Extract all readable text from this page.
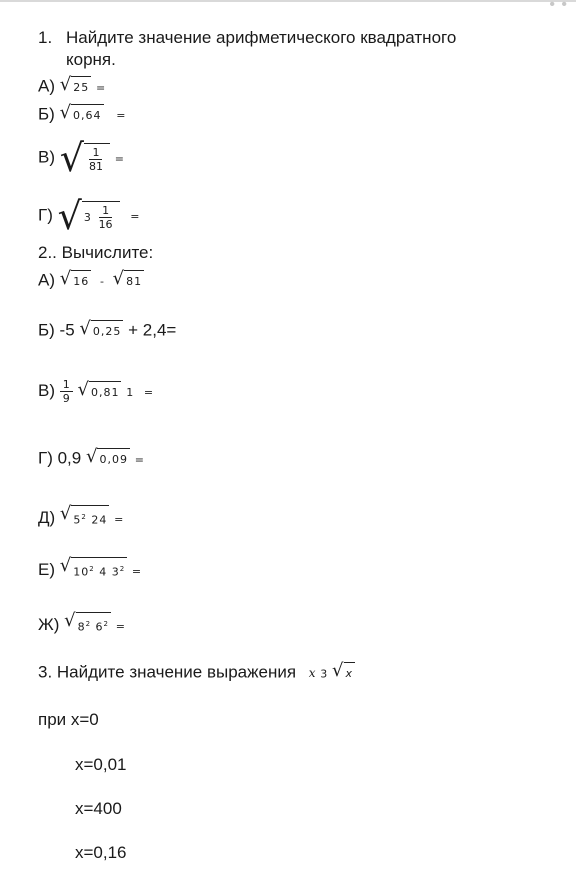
• •
1. Найдите значение арифметического квадратного
корня.
А) √ 25 =
Б) √ 0,64 =
В) √ $\frac{1}{81}$ =
Г) √ 3
$\frac{1}{16}$ =
2.. Вычислите:
А) √ 16 - √ 81
Б) -5 √ 0,25 + 2,4=
$В) \frac{1}{9}$
√ 0,81 1 =
Г) 0,9 √ 0,09 =
Д) √ $5^2$ 24 =
Е) √ $10^2$ 4 $3^2$ =
Ж) √ $8^2$ $6^2$ =
3. Найдите значение выражения x 3 √ x
при x=0
x=0,01
x=400
x=0,16
